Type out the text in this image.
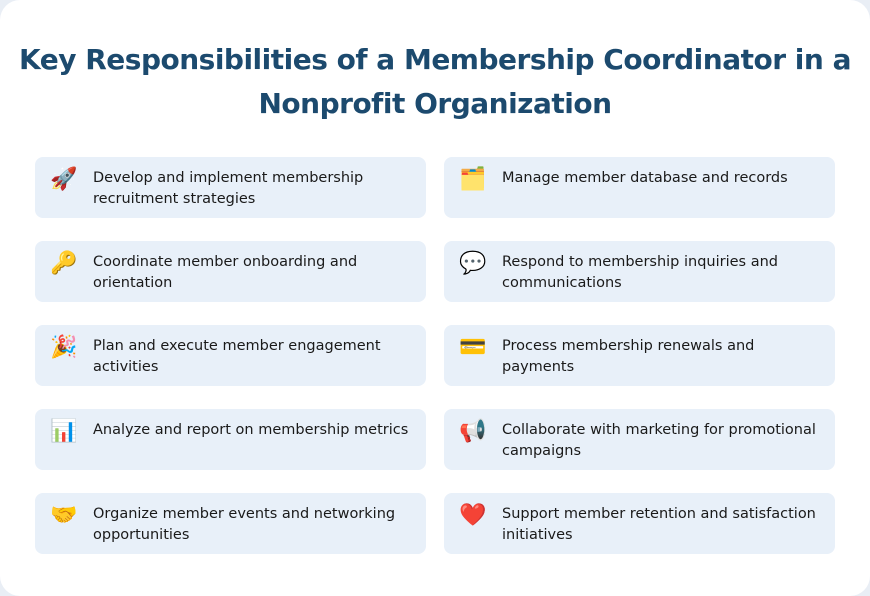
Key Responsibilities of a Membership Coordinator in a Nonprofit Organization
🚀 Develop and implement membership recruitment strategies
🗂️ Manage member database and records
🔑 Coordinate member onboarding and orientation
💬 Respond to membership inquiries and communications
🎉 Plan and execute member engagement activities
💳 Process membership renewals and payments
📊 Analyze and report on membership metrics	📢 Collaborate with marketing for promotional campaigns
🤝 Organize member events and networking opportunities
❤️ Support member retention and satisfaction initiatives
